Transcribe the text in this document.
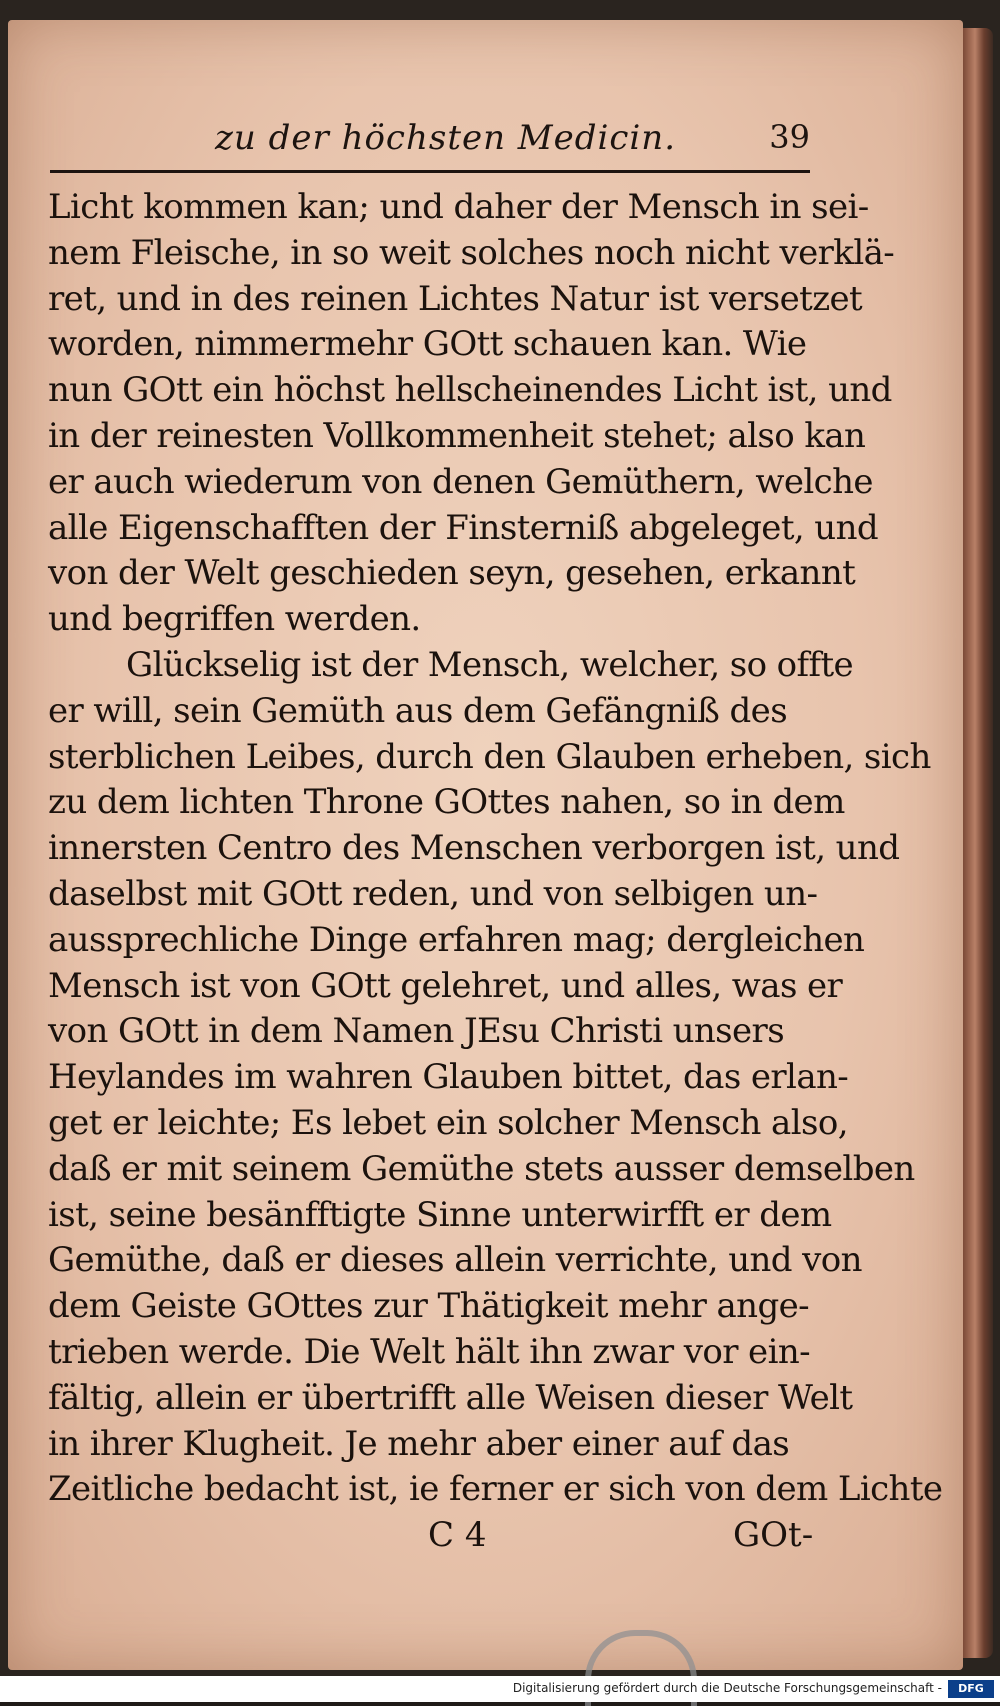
zu der höchsten Medicin.	39
Licht kommen kan; und daher der Mensch in sei-
nem Fleische, in so weit solches noch nicht verklä-
ret, und in des reinen Lichtes Natur ist versetzet
worden, nimmermehr GOtt schauen kan. Wie
nun GOtt ein höchst hellscheinendes Licht ist, und
in der reinesten Vollkommenheit stehet; also kan
er auch wiederum von denen Gemüthern, welche
alle Eigenschafften der Finsterniß abgeleget, und
von der Welt geschieden seyn, gesehen, erkannt
und begriffen werden.
Glückselig ist der Mensch, welcher, so offte
er will, sein Gemüth aus dem Gefängniß des
sterblichen Leibes, durch den Glauben erheben, sich
zu dem lichten Throne GOttes nahen, so in dem
innersten Centro des Menschen verborgen ist, und
daselbst mit GOtt reden, und von selbigen un-
aussprechliche Dinge erfahren mag; dergleichen
Mensch ist von GOtt gelehret, und alles, was er
von GOtt in dem Namen JEsu Christi unsers
Heylandes im wahren Glauben bittet, das erlan-
get er leichte; Es lebet ein solcher Mensch also,
daß er mit seinem Gemüthe stets ausser demselben
ist, seine besänfftigte Sinne unterwirfft er dem
Gemüthe, daß er dieses allein verrichte, und von
dem Geiste GOttes zur Thätigkeit mehr ange-
trieben werde. Die Welt hält ihn zwar vor ein-
fältig, allein er übertrifft alle Weisen dieser Welt
in ihrer Klugheit. Je mehr aber einer auf das
Zeitliche bedacht ist, ie ferner er sich von dem Lichte
C 4	GOt-
Digitalisierung gefördert durch die Deutsche Forschungsgemeinschaft -	DFG
